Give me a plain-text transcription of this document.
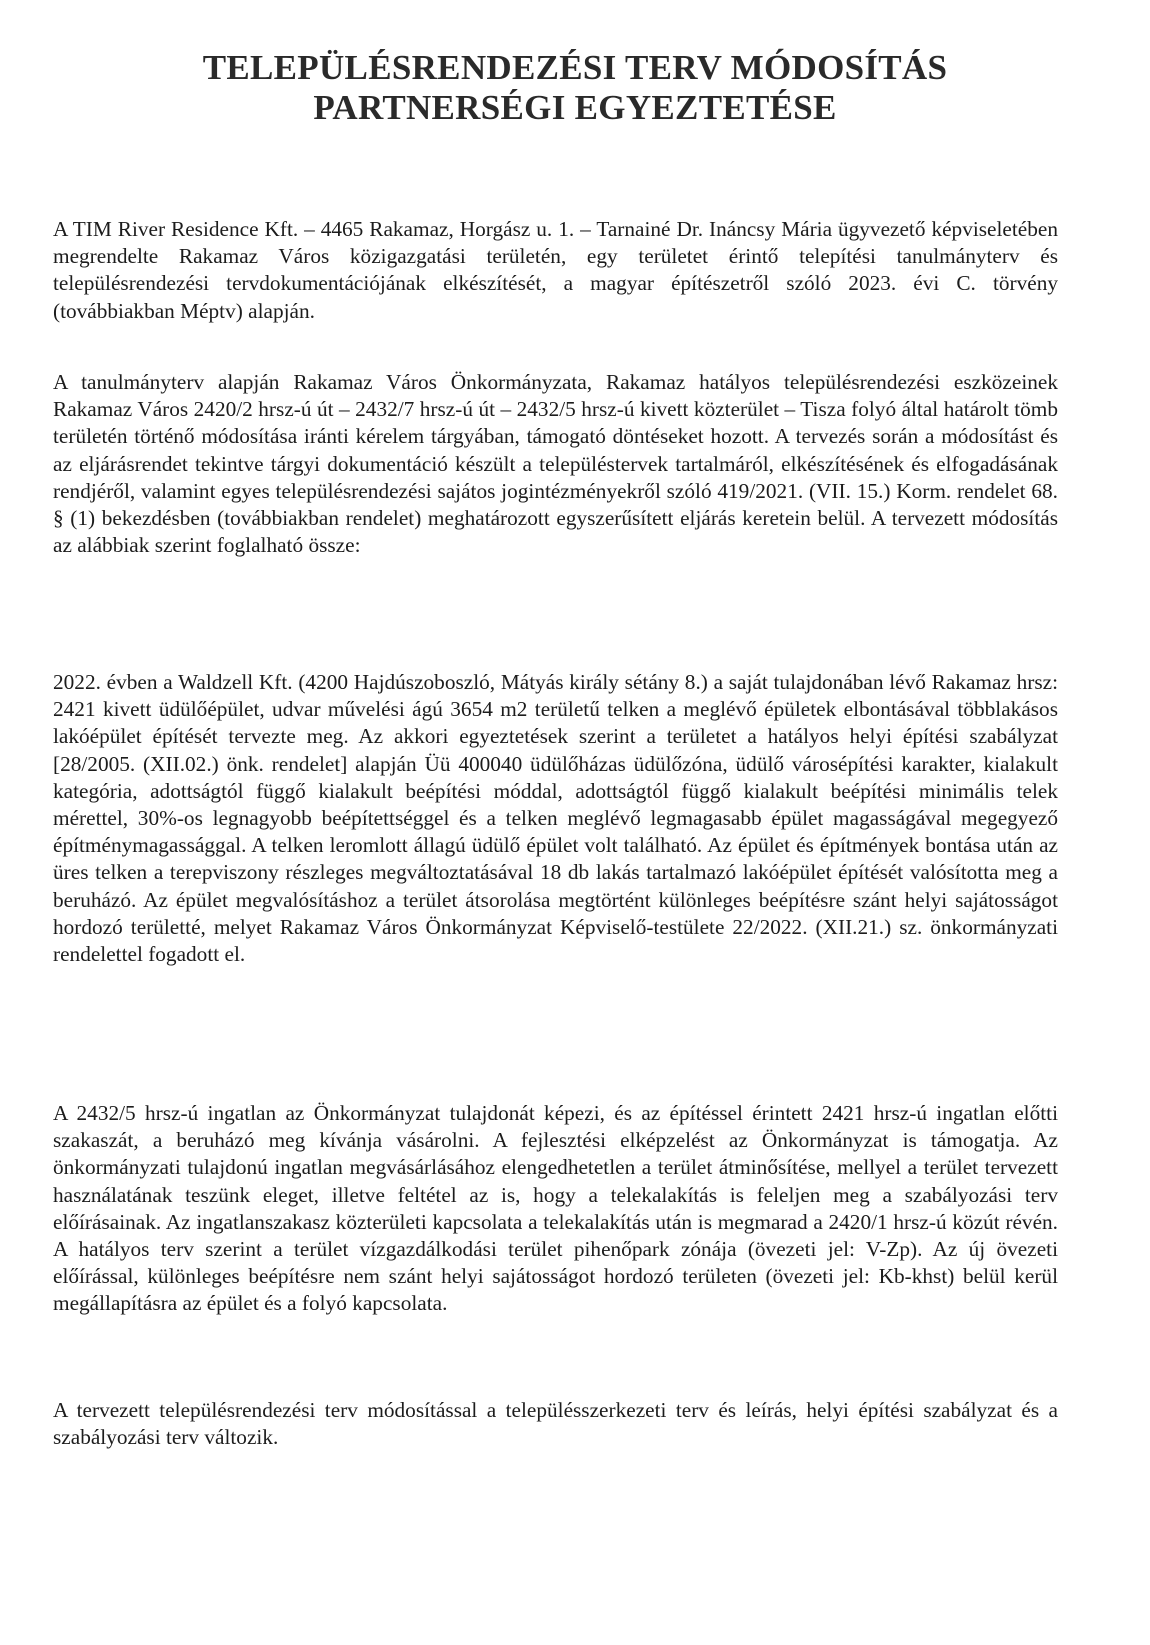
TELEPÜLÉSRENDEZÉSI TERV MÓDOSÍTÁS
PARTNERSÉGI EGYEZTETÉSE

A TIM River Residence Kft. – 4465 Rakamaz, Horgász u. 1. – Tarnainé Dr. Ináncsy Mária ügyvezető képviseletében megrendelte Rakamaz Város közigazgatási területén, egy területet érintő telepítési tanulmányterv és településrendezési tervdokumentációjának elkészítését, a magyar építészetről szóló 2023. évi C. törvény (továbbiakban Méptv) alapján.

A tanulmányterv alapján Rakamaz Város Önkormányzata, Rakamaz hatályos településrendezési eszközeinek Rakamaz Város 2420/2 hrsz-ú út – 2432/7 hrsz-ú út – 2432/5 hrsz-ú kivett közterület – Tisza folyó által határolt tömb területén történő módosítása iránti kérelem tárgyában, támogató döntéseket hozott. A tervezés során a módosítást és az eljárásrendet tekintve tárgyi dokumentáció készült a településtervek tartalmáról, elkészítésének és elfogadásának rendjéről, valamint egyes településrendezési sajátos jogintézményekről szóló 419/2021. (VII. 15.) Korm. rendelet 68. § (1) bekezdésben (továbbiakban rendelet) meghatározott egyszerűsített eljárás keretein belül. A tervezett módosítás az alábbiak szerint foglalható össze:

2022. évben a Waldzell Kft. (4200 Hajdúszoboszló, Mátyás király sétány 8.) a saját tulajdonában lévő Rakamaz hrsz: 2421 kivett üdülőépület, udvar művelési ágú 3654 m2 területű telken a meglévő épületek elbontásával többlakásos lakóépület építését tervezte meg. Az akkori egyeztetések szerint a területet a hatályos helyi építési szabályzat [28/2005. (XII.02.) önk. rendelet] alapján Üü 400040 üdülőházas üdülőzóna, üdülő városépítési karakter, kialakult kategória, adottságtól függő kialakult beépítési móddal, adottságtól függő kialakult beépítési minimális telek mérettel, 30%-os legnagyobb beépítettséggel és a telken meglévő legmagasabb épület magasságával megegyező építménymagassággal. A telken leromlott állagú üdülő épület volt található. Az épület és építmények bontása után az üres telken a terepviszony részleges megváltoztatásával 18 db lakás tartalmazó lakóépület építését valósította meg a beruházó. Az épület megvalósításhoz a terület átsorolása megtörtént különleges beépítésre szánt helyi sajátosságot hordozó területté, melyet Rakamaz Város Önkormányzat Képviselő-testülete 22/2022. (XII.21.) sz. önkormányzati rendelettel fogadott el.

A 2432/5 hrsz-ú ingatlan az Önkormányzat tulajdonát képezi, és az építéssel érintett 2421 hrsz-ú ingatlan előtti szakaszát, a beruházó meg kívánja vásárolni. A fejlesztési elképzelést az Önkormányzat is támogatja. Az önkormányzati tulajdonú ingatlan megvásárlásához elengedhetetlen a terület átminősítése, mellyel a terület tervezett használatának teszünk eleget, illetve feltétel az is, hogy a telekalakítás is feleljen meg a szabályozási terv előírásainak. Az ingatlanszakasz közterületi kapcsolata a telekalakítás után is megmarad a 2420/1 hrsz-ú közút révén. A hatályos terv szerint a terület vízgazdálkodási terület pihenőpark zónája (övezeti jel: V-Zp). Az új övezeti előírással, különleges beépítésre nem szánt helyi sajátosságot hordozó területen (övezeti jel: Kb-khst) belül kerül megállapításra az épület és a folyó kapcsolata.

A tervezett településrendezési terv módosítással a településszerkezeti terv és leírás, helyi építési szabályzat és a szabályozási terv változik.
